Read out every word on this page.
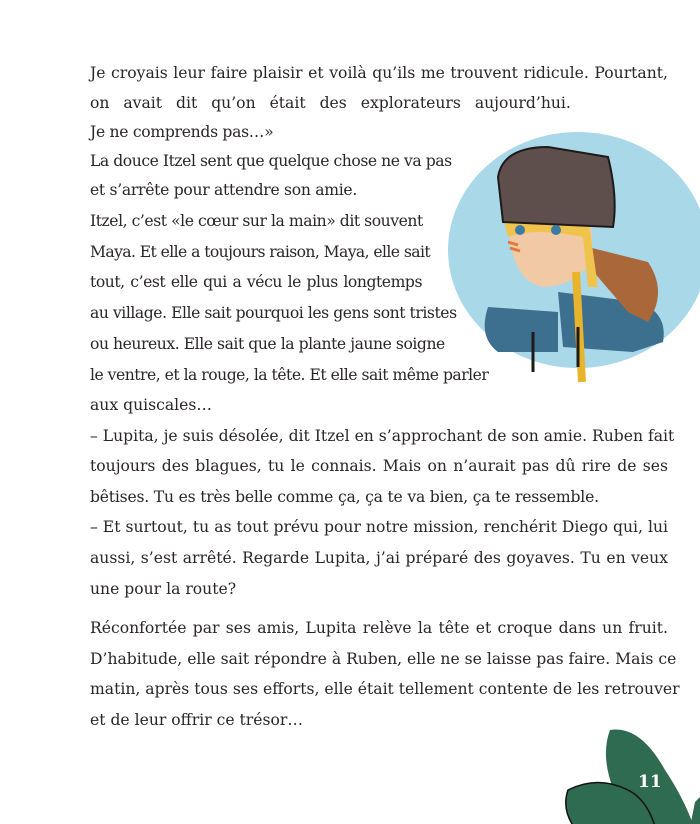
Je croyais leur faire plaisir et voilà qu’ils me trouvent ridicule. Pourtant,
on avait dit qu’on était des explorateurs aujourd’hui.
Je ne comprends pas…»
La douce Itzel sent que quelque chose ne va pas
et s’arrête pour attendre son amie.
Itzel, c’est «le cœur sur la main» dit souvent
Maya. Et elle a toujours raison, Maya, elle sait
tout, c’est elle qui a vécu le plus longtemps
au village. Elle sait pourquoi les gens sont tristes
ou heureux. Elle sait que la plante jaune soigne
le ventre, et la rouge, la tête. Et elle sait même parler
aux quiscales…
– Lupita, je suis désolée, dit Itzel en s’approchant de son amie. Ruben fait
toujours des blagues, tu le connais. Mais on n’aurait pas dû rire de ses
bêtises. Tu es très belle comme ça, ça te va bien, ça te ressemble.
– Et surtout, tu as tout prévu pour notre mission, renchérit Diego qui, lui
aussi, s’est arrêté. Regarde Lupita, j’ai préparé des goyaves. Tu en veux
une pour la route?
Réconfortée par ses amis, Lupita relève la tête et croque dans un fruit.
D’habitude, elle sait répondre à Ruben, elle ne se laisse pas faire. Mais ce
matin, après tous ses efforts, elle était tellement contente de les retrouver
et de leur offrir ce trésor…
11
